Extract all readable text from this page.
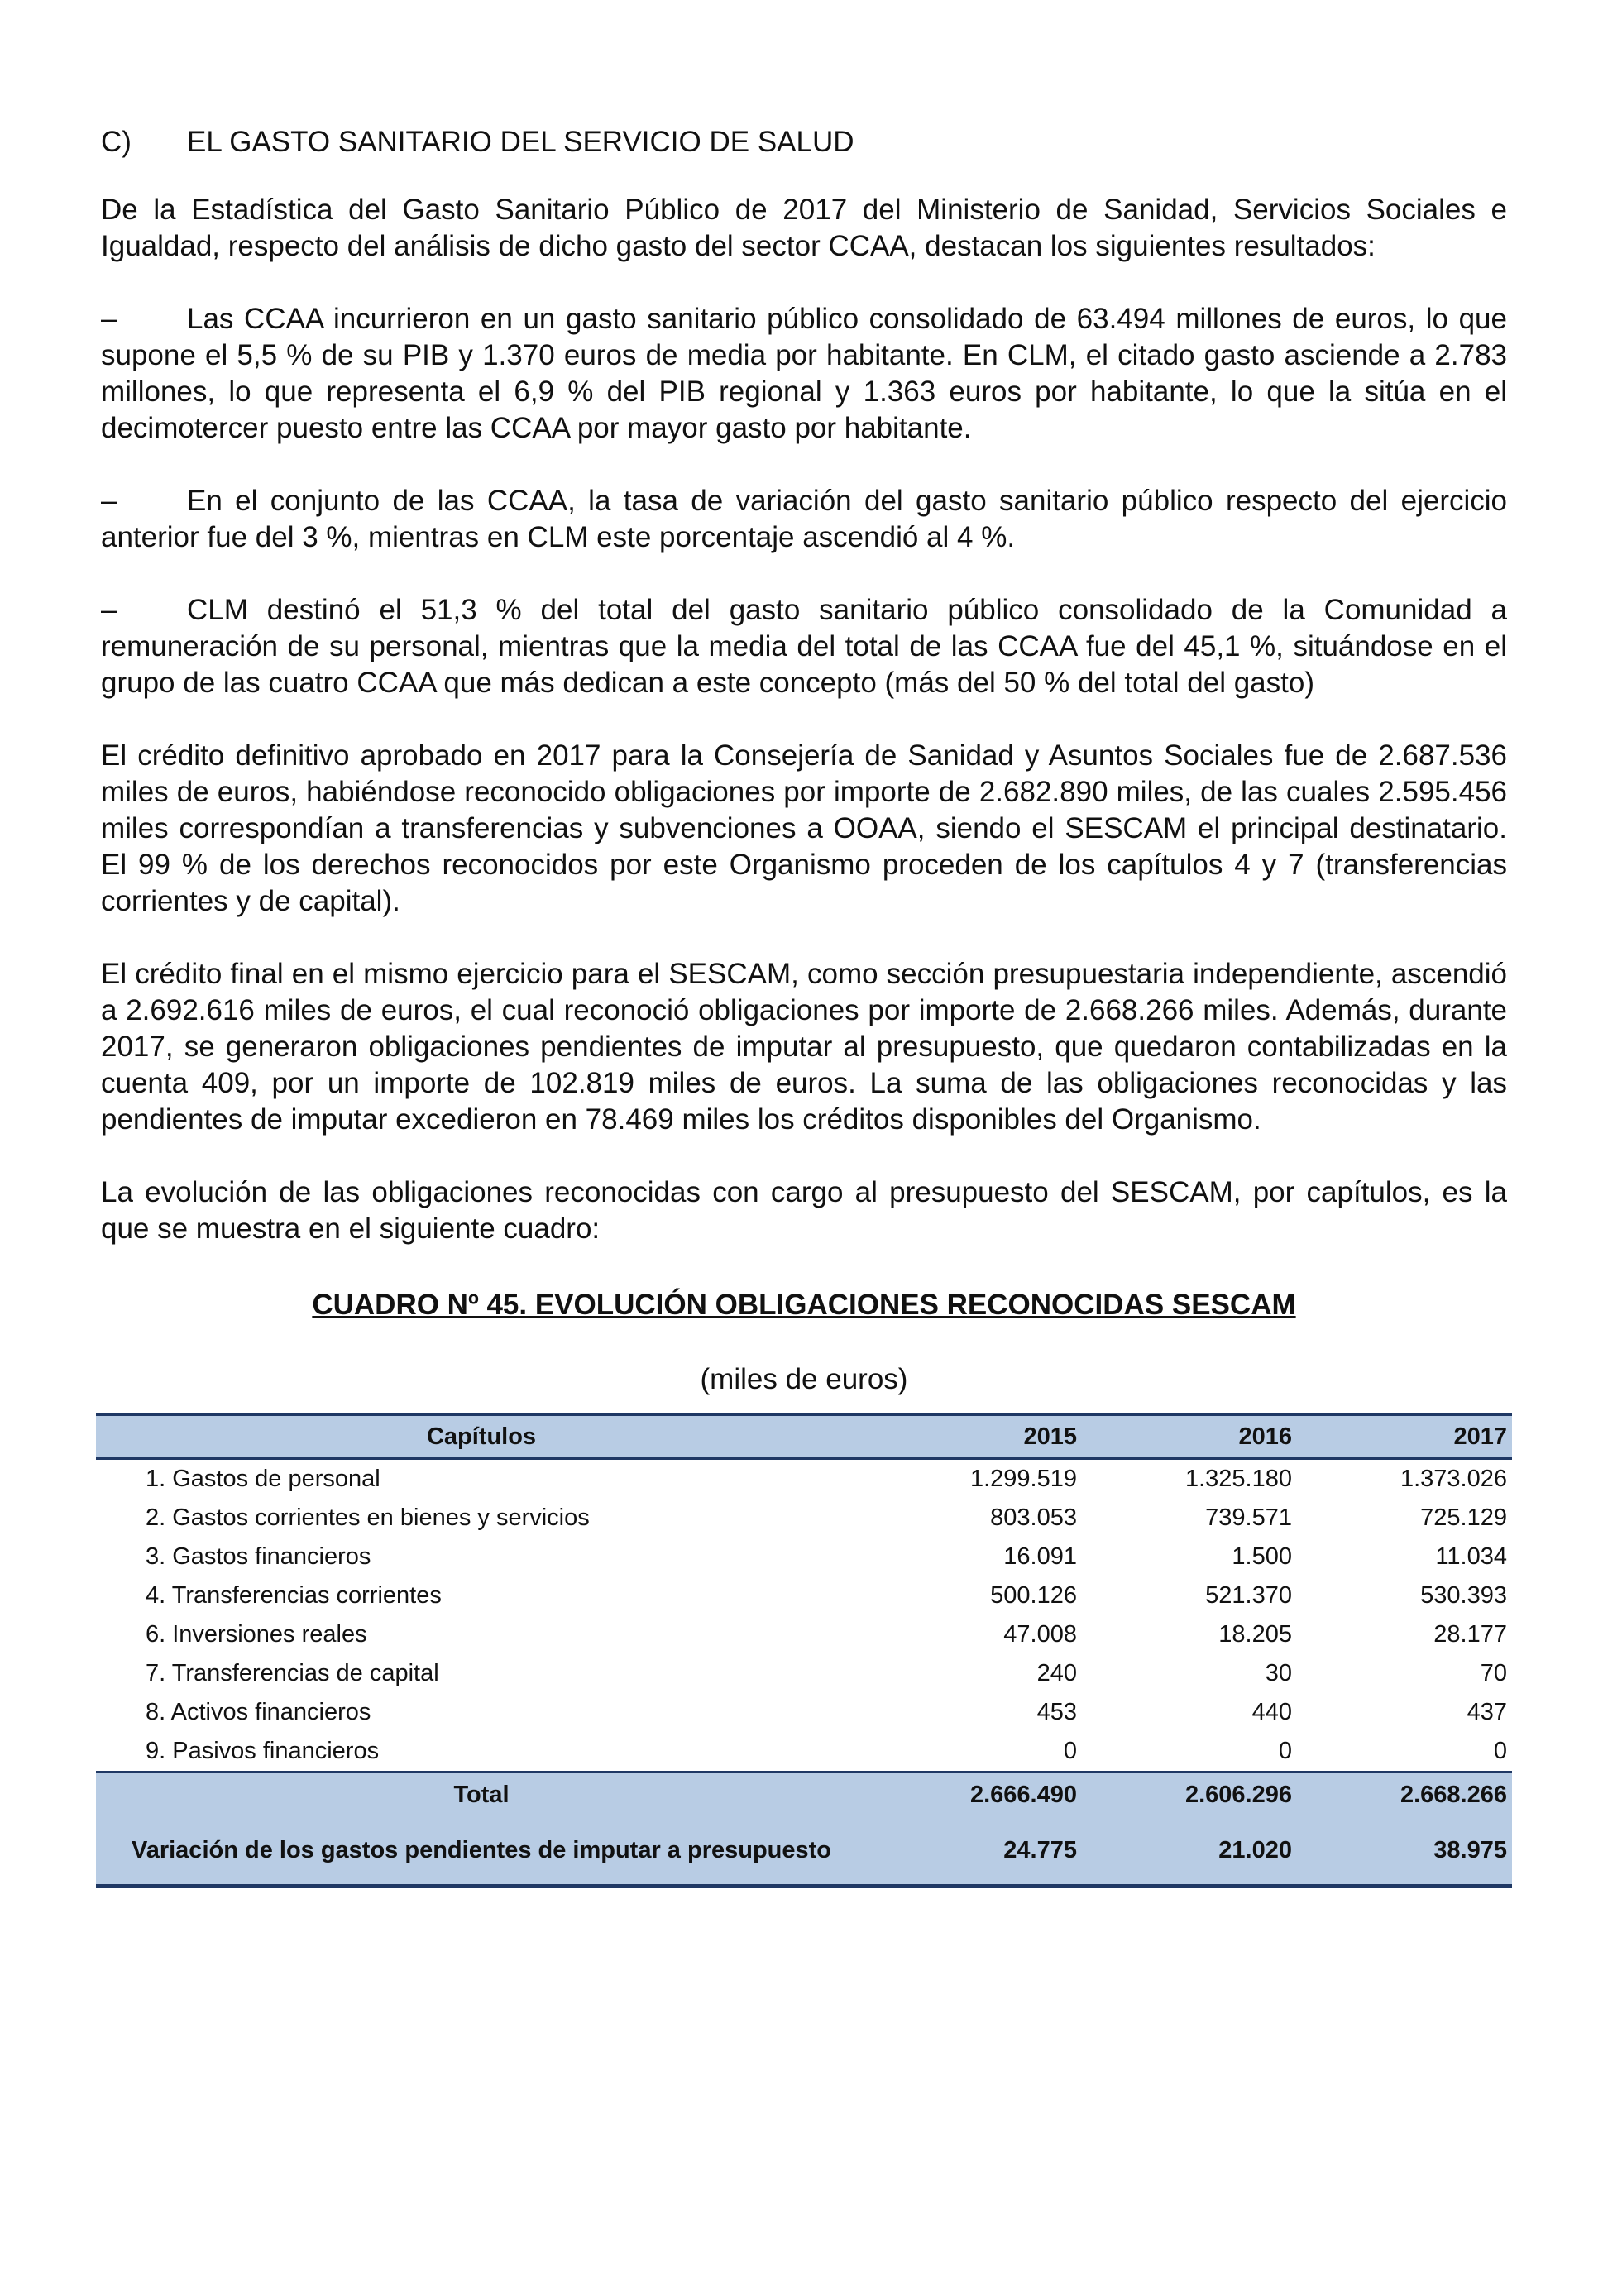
C)	EL GASTO SANITARIO DEL SERVICIO DE SALUD

De la Estadística del Gasto Sanitario Público de 2017 del Ministerio de Sanidad, Servicios Sociales e Igualdad, respecto del análisis de dicho gasto del sector CCAA, destacan los siguientes resultados:

– Las CCAA incurrieron en un gasto sanitario público consolidado de 63.494 millones de euros, lo que supone el 5,5 % de su PIB y 1.370 euros de media por habitante. En CLM, el citado gasto asciende a 2.783 millones, lo que representa el 6,9 % del PIB regional y 1.363 euros por habitante, lo que la sitúa en el decimotercer puesto entre las CCAA por mayor gasto por habitante.
– En el conjunto de las CCAA, la tasa de variación del gasto sanitario público respecto del ejercicio anterior fue del 3 %, mientras en CLM este porcentaje ascendió al 4 %.
– CLM destinó el 51,3 % del total del gasto sanitario público consolidado de la Comunidad a remuneración de su personal, mientras que la media del total de las CCAA fue del 45,1 %, situándose en el grupo de las cuatro CCAA que más dedican a este concepto (más del 50 % del total del gasto)

El crédito definitivo aprobado en 2017 para la Consejería de Sanidad y Asuntos Sociales fue de 2.687.536 miles de euros, habiéndose reconocido obligaciones por importe de 2.682.890 miles, de las cuales 2.595.456 miles correspondían a transferencias y subvenciones a OOAA, siendo el SESCAM el principal destinatario. El 99 % de los derechos reconocidos por este Organismo proceden de los capítulos 4 y 7 (transferencias corrientes y de capital).

El crédito final en el mismo ejercicio para el SESCAM, como sección presupuestaria independiente, ascendió a 2.692.616 miles de euros, el cual reconoció obligaciones por importe de 2.668.266 miles. Además, durante 2017, se generaron obligaciones pendientes de imputar al presupuesto, que quedaron contabilizadas en la cuenta 409, por un importe de 102.819 miles de euros. La suma de las obligaciones reconocidas y las pendientes de imputar excedieron en 78.469 miles los créditos disponibles del Organismo.

La evolución de las obligaciones reconocidas con cargo al presupuesto del SESCAM, por capítulos, es la que se muestra en el siguiente cuadro:

CUADRO Nº 45. EVOLUCIÓN OBLIGACIONES RECONOCIDAS SESCAM
(miles de euros)
Capítulos	2015	2016	2017
1. Gastos de personal	1.299.519	1.325.180	1.373.026
2. Gastos corrientes en bienes y servicios	803.053	739.571	725.129
3. Gastos financieros	16.091	1.500	11.034
4. Transferencias corrientes	500.126	521.370	530.393
6. Inversiones reales	47.008	18.205	28.177
7. Transferencias de capital	240	30	70
8. Activos financieros	453	440	437
9. Pasivos financieros	0	0	0
Total	2.666.490	2.606.296	2.668.266
Variación de los gastos pendientes de imputar a presupuesto	24.775	21.020	38.975
